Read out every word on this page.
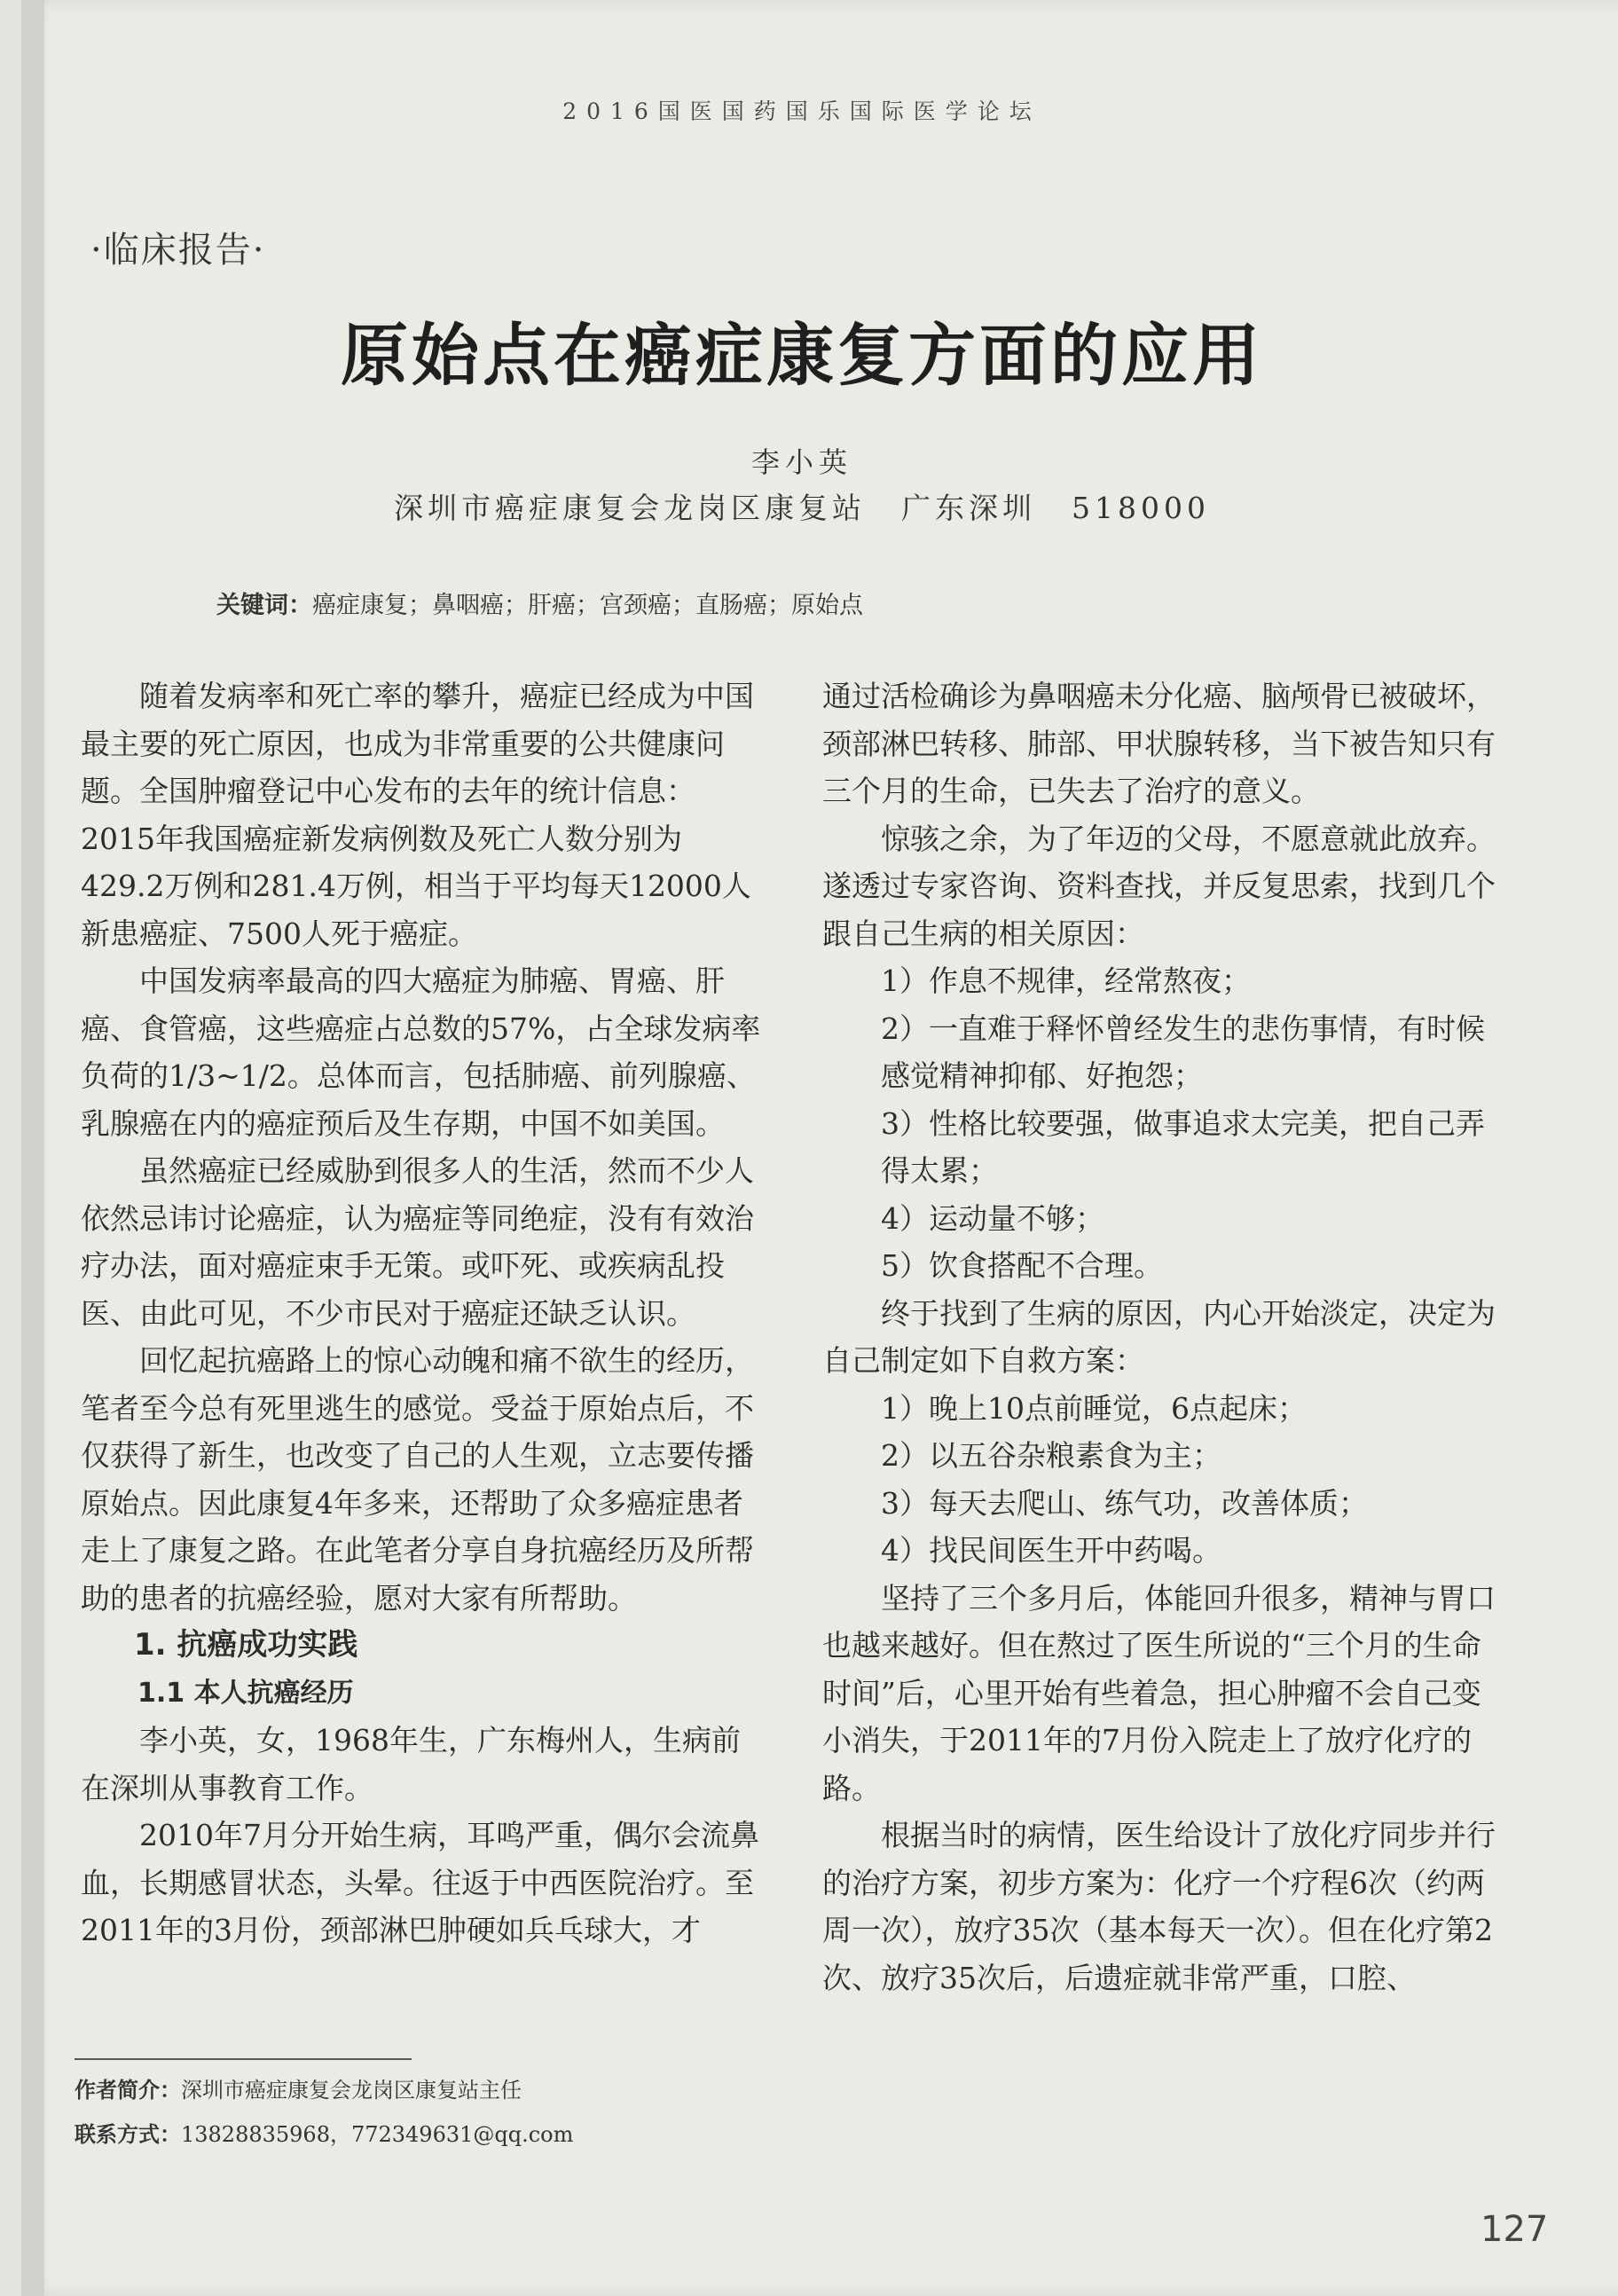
2016国医国药国乐国际医学论坛
·临床报告·
原始点在癌症康复方面的应用
李小英
深圳市癌症康复会龙岗区康复站 广东深圳 518000
关键词：癌症康复；鼻咽癌；肝癌；宫颈癌；直肠癌；原始点

随着发病率和死亡率的攀升，癌症已经成为中国最主要的死亡原因，也成为非常重要的公共健康问题。全国肿瘤登记中心发布的去年的统计信息：2015年我国癌症新发病例数及死亡人数分别为429.2万例和281.4万例，相当于平均每天12000人新患癌症、7500人死于癌症。

中国发病率最高的四大癌症为肺癌、胃癌、肝癌、食管癌，这些癌症占总数的57%，占全球发病率负荷的1/3~1/2。总体而言，包括肺癌、前列腺癌、乳腺癌在内的癌症预后及生存期，中国不如美国。

虽然癌症已经威胁到很多人的生活，然而不少人依然忌讳讨论癌症，认为癌症等同绝症，没有有效治疗办法，面对癌症束手无策。或吓死、或疾病乱投医、由此可见，不少市民对于癌症还缺乏认识。

回忆起抗癌路上的惊心动魄和痛不欲生的经历，笔者至今总有死里逃生的感觉。受益于原始点后，不仅获得了新生，也改变了自己的人生观，立志要传播原始点。因此康复4年多来，还帮助了众多癌症患者走上了康复之路。在此笔者分享自身抗癌经历及所帮助的患者的抗癌经验，愿对大家有所帮助。

1. 抗癌成功实践

1.1 本人抗癌经历

李小英，女，1968年生，广东梅州人，生病前在深圳从事教育工作。

2010年7月分开始生病，耳鸣严重，偶尔会流鼻血，长期感冒状态，头晕。往返于中西医院治疗。至2011年的3月份，颈部淋巴肿硬如兵乓球大，才

通过活检确诊为鼻咽癌未分化癌、脑颅骨已被破坏，颈部淋巴转移、肺部、甲状腺转移，当下被告知只有三个月的生命，已失去了治疗的意义。

惊骇之余，为了年迈的父母，不愿意就此放弃。遂透过专家咨询、资料查找，并反复思索，找到几个跟自己生病的相关原因：

1）作息不规律，经常熬夜；

2）一直难于释怀曾经发生的悲伤事情，有时候感觉精神抑郁、好抱怨；

3）性格比较要强，做事追求太完美，把自己弄得太累；

4）运动量不够；

5）饮食搭配不合理。

终于找到了生病的原因，内心开始淡定，决定为自己制定如下自救方案：

1）晚上10点前睡觉，6点起床；

2）以五谷杂粮素食为主；

3）每天去爬山、练气功，改善体质；

4）找民间医生开中药喝。

坚持了三个多月后，体能回升很多，精神与胃口也越来越好。但在熬过了医生所说的“三个月的生命时间”后，心里开始有些着急，担心肿瘤不会自己变小消失，于2011年的7月份入院走上了放疗化疗的路。

根据当时的病情，医生给设计了放化疗同步并行的治疗方案，初步方案为：化疗一个疗程6次（约两周一次），放疗35次（基本每天一次）。但在化疗第2次、放疗35次后，后遗症就非常严重，口腔、

作者简介：深圳市癌症康复会龙岗区康复站主任
联系方式：13828835968，772349631@qq.com
127
